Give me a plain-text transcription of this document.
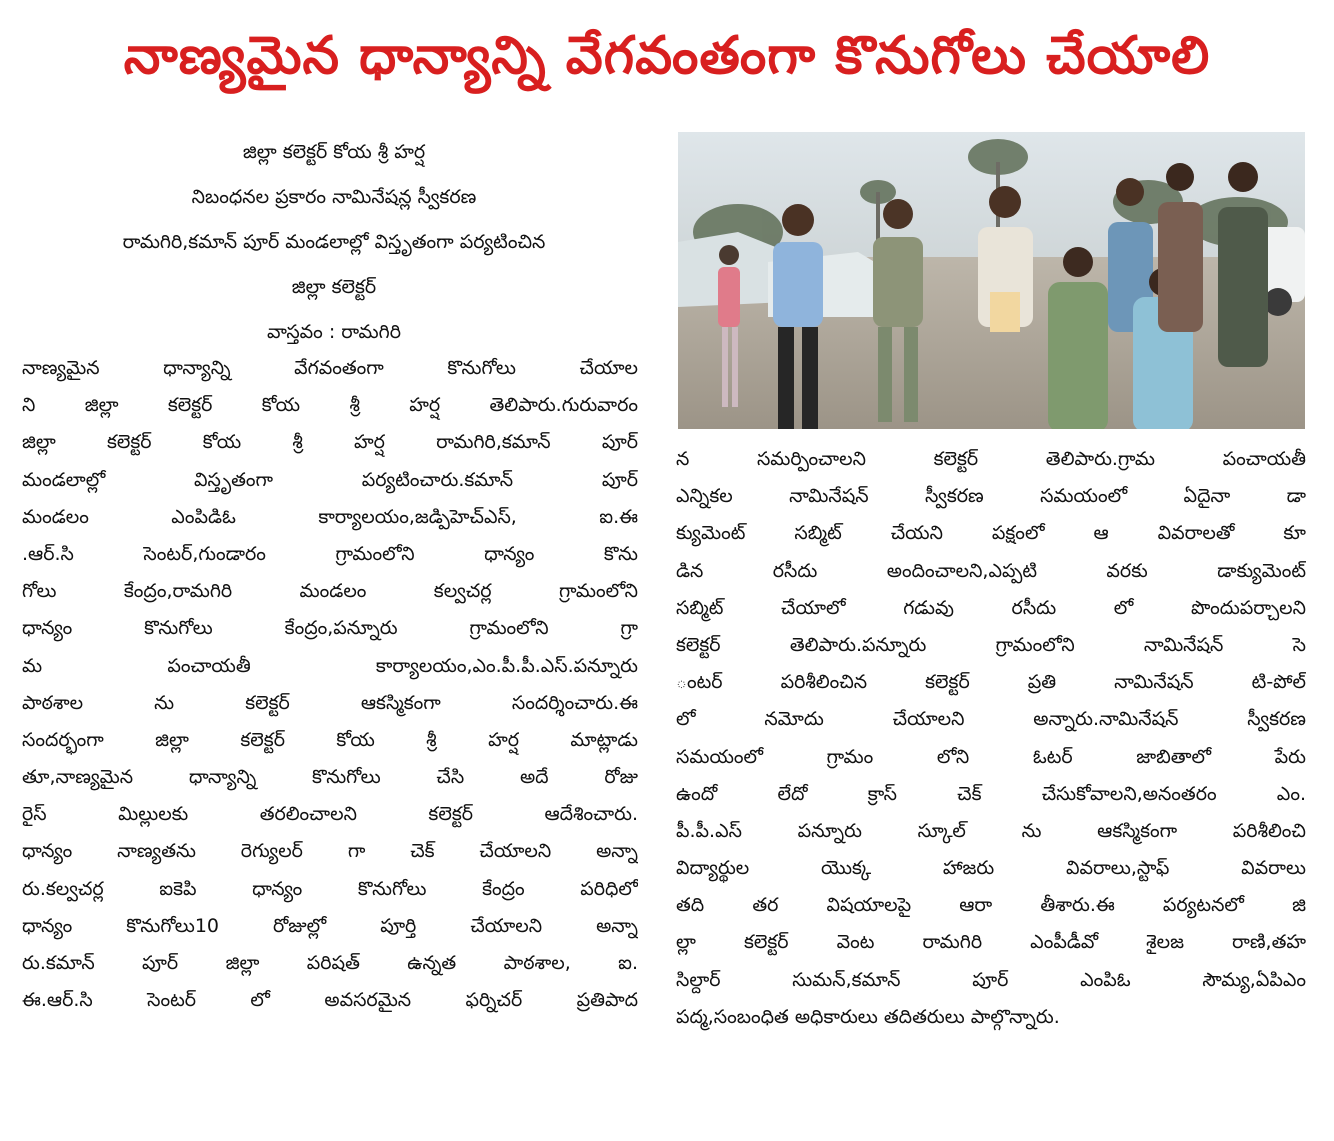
నాణ్యమైన ధాన్యాన్ని వేగవంతంగా కొనుగోలు చేయాలి
జిల్లా కలెక్టర్ కోయ శ్రీ హర్ష
నిబంధనల ప్రకారం నామినేషన్ల స్వీకరణ
రామగిరి,కమాన్ పూర్ మండలాల్లో విస్తృతంగా పర్యటించిన
జిల్లా కలెక్టర్
వాస్తవం : రామగిరి
నాణ్యమైన ధాన్యాన్ని వేగవంతంగా కొనుగోలు చేయాల
ని జిల్లా కలెక్టర్ కోయ శ్రీ హర్ష తెలిపారు.గురువారం
జిల్లా కలెక్టర్ కోయ శ్రీ హర్ష రామగిరి,కమాన్ పూర్
మండలాల్లో విస్తృతంగా పర్యటించారు.కమాన్ పూర్
మండలం ఎంపిడిఓ కార్యాలయం,జడ్పిహెచ్ఎస్, ఐ.ఈ
.ఆర్.సి సెంటర్,గుండారం గ్రామంలోని ధాన్యం కొను
గోలు కేంద్రం,రామగిరి మండలం కల్వచర్ల గ్రామంలోని
ధాన్యం కొనుగోలు కేంద్రం,పన్నూరు గ్రామంలోని గ్రా
మ పంచాయతీ కార్యాలయం,ఎం.పీ.పీ.ఎస్.పన్నూరు
పాఠశాల ను కలెక్టర్ ఆకస్మికంగా సందర్శించారు.ఈ
సందర్భంగా జిల్లా కలెక్టర్ కోయ శ్రీ హర్ష మాట్లాడు
తూ,నాణ్యమైన ధాన్యాన్ని కొనుగోలు చేసి అదే రోజు
రైస్ మిల్లులకు తరలించాలని కలెక్టర్ ఆదేశించారు.
ధాన్యం నాణ్యతను రెగ్యులర్ గా చెక్ చేయాలని అన్నా
రు.కల్వచర్ల ఐకెపి ధాన్యం కొనుగోలు కేంద్రం పరిధిలో
ధాన్యం కొనుగోలు10 రోజుల్లో పూర్తి చేయాలని అన్నా
రు.కమాన్ పూర్ జిల్లా పరిషత్ ఉన్నత పాఠశాల, ఐ.
ఈ.ఆర్.సి సెంటర్ లో అవసరమైన ఫర్నిచర్ ప్రతిపాద
న సమర్పించాలని కలెక్టర్ తెలిపారు.గ్రామ పంచాయతీ
ఎన్నికల నామినేషన్ స్వీకరణ సమయంలో ఏదైనా డా
క్యుమెంట్ సబ్మిట్ చేయని పక్షంలో ఆ వివరాలతో కూ
డిన రసీదు అందించాలని,ఎప్పటి వరకు డాక్యుమెంట్
సబ్మిట్ చేయాలో గడువు రసీదు లో పొందుపర్చాలని
కలెక్టర్ తెలిపారు.పన్నూరు గ్రామంలోని నామినేషన్ సె
ంటర్ పరిశీలించిన కలెక్టర్ ప్రతి నామినేషన్ టి-పోల్
లో నమోదు చేయాలని అన్నారు.నామినేషన్ స్వీకరణ
సమయంలో గ్రామం లోని ఓటర్ జాబితాలో పేరు
ఉందో లేదో క్రాస్ చెక్ చేసుకోవాలని,అనంతరం ఎం.
పీ.పీ.ఎస్ పన్నూరు స్కూల్ ను ఆకస్మికంగా పరిశీలించి
విద్యార్థుల యొక్క హాజరు వివరాలు,స్టాఫ్ వివరాలు
తది తర విషయాలపై ఆరా తీశారు.ఈ పర్యటనలో జి
ల్లా కలెక్టర్ వెంట రామగిరి ఎంపీడీవో శైలజ రాణి,తహ
సిల్దార్ సుమన్,కమాన్ పూర్ ఎంపిఓ సౌమ్య,ఏపిఎం
పద్మ,సంబంధిత అధికారులు తదితరులు పాల్గొన్నారు.
